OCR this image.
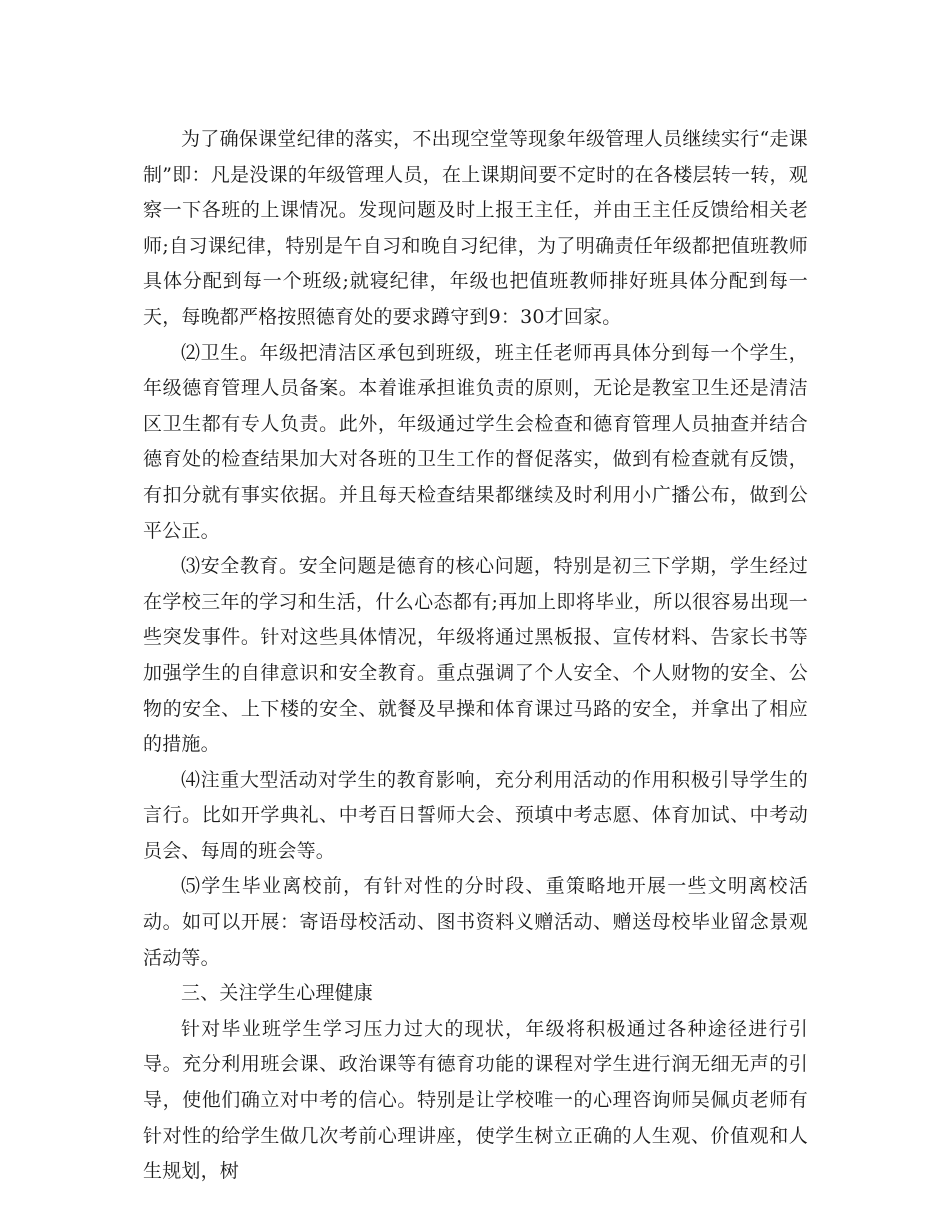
为了确保课堂纪律的落实，不出现空堂等现象年级管理人员继续实行“走课制”即：凡是没课的年级管理人员，在上课期间要不定时的在各楼层转一转，观察一下各班的上课情况。发现问题及时上报王主任，并由王主任反馈给相关老师;自习课纪律，特别是午自习和晚自习纪律，为了明确责任年级都把值班教师具体分配到每一个班级;就寝纪律，年级也把值班教师排好班具体分配到每一天，每晚都严格按照德育处的要求蹲守到9：30才回家。

⑵卫生。年级把清洁区承包到班级，班主任老师再具体分到每一个学生，年级德育管理人员备案。本着谁承担谁负责的原则，无论是教室卫生还是清洁区卫生都有专人负责。此外，年级通过学生会检查和德育管理人员抽查并结合德育处的检查结果加大对各班的卫生工作的督促落实，做到有检查就有反馈，有扣分就有事实依据。并且每天检查结果都继续及时利用小广播公布，做到公平公正。

⑶安全教育。安全问题是德育的核心问题，特别是初三下学期，学生经过在学校三年的学习和生活，什么心态都有;再加上即将毕业，所以很容易出现一些突发事件。针对这些具体情况，年级将通过黑板报、宣传材料、告家长书等加强学生的自律意识和安全教育。重点强调了个人安全、个人财物的安全、公物的安全、上下楼的安全、就餐及早操和体育课过马路的安全，并拿出了相应的措施。

⑷注重大型活动对学生的教育影响，充分利用活动的作用积极引导学生的言行。比如开学典礼、中考百日誓师大会、预填中考志愿、体育加试、中考动员会、每周的班会等。

⑸学生毕业离校前，有针对性的分时段、重策略地开展一些文明离校活动。如可以开展：寄语母校活动、图书资料义赠活动、赠送母校毕业留念景观活动等。

三、关注学生心理健康

针对毕业班学生学习压力过大的现状，年级将积极通过各种途径进行引导。充分利用班会课、政治课等有德育功能的课程对学生进行润无细无声的引导，使他们确立对中考的信心。特别是让学校唯一的心理咨询师吴佩贞老师有针对性的给学生做几次考前心理讲座，使学生树立正确的人生观、价值观和人生规划，树
